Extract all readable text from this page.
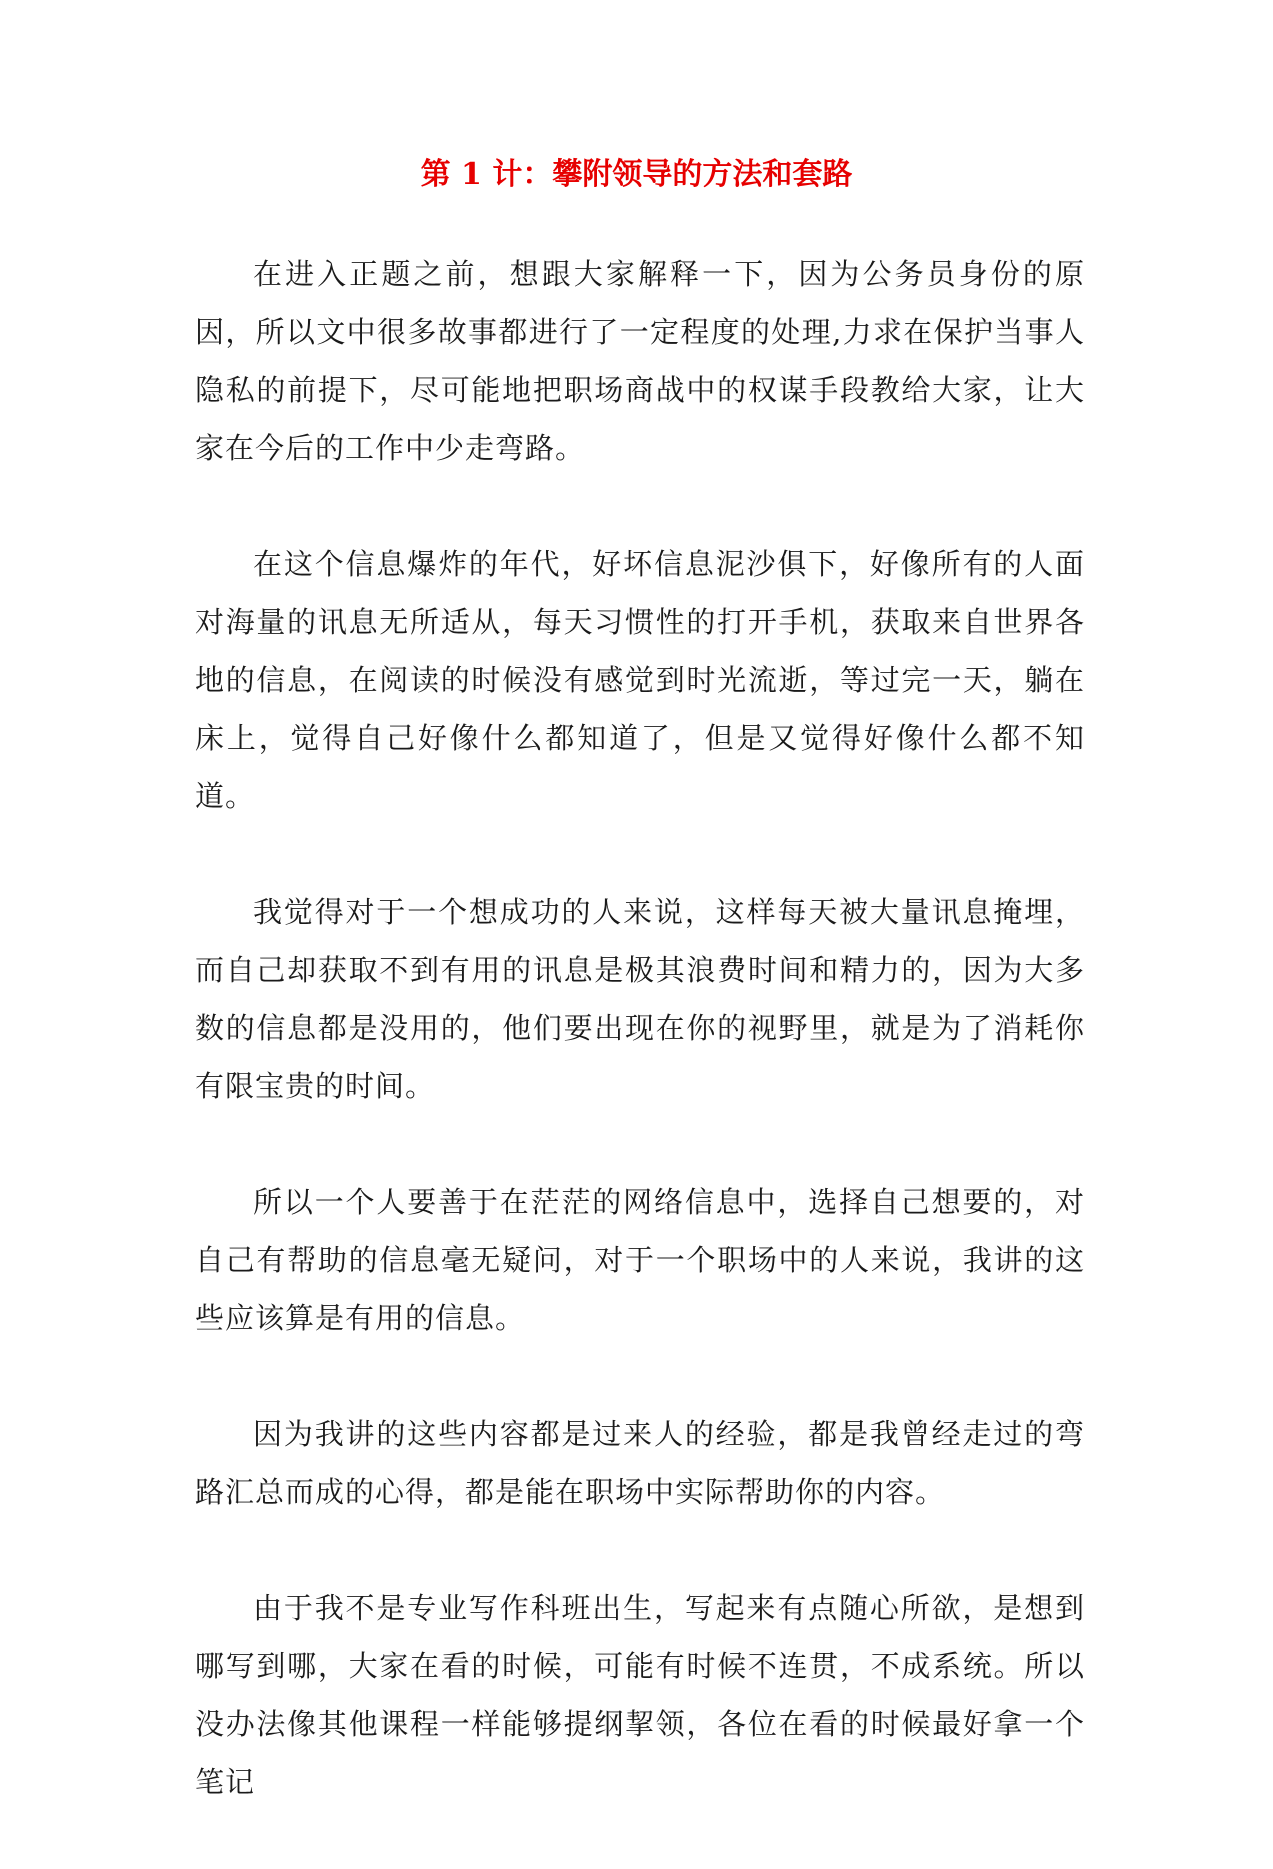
第 1 计：攀附领导的方法和套路

在进入正题之前，想跟大家解释一下，因为公务员身份的原因，所以文中很多故事都进行了一定程度的处理,力求在保护当事人隐私的前提下，尽可能地把职场商战中的权谋手段教给大家，让大家在今后的工作中少走弯路。

在这个信息爆炸的年代，好坏信息泥沙俱下，好像所有的人面对海量的讯息无所适从，每天习惯性的打开手机，获取来自世界各地的信息，在阅读的时候没有感觉到时光流逝，等过完一天，躺在床上，觉得自己好像什么都知道了，但是又觉得好像什么都不知道。

我觉得对于一个想成功的人来说，这样每天被大量讯息掩埋，而自己却获取不到有用的讯息是极其浪费时间和精力的，因为大多数的信息都是没用的，他们要出现在你的视野里，就是为了消耗你有限宝贵的时间。

所以一个人要善于在茫茫的网络信息中，选择自己想要的，对自己有帮助的信息毫无疑问，对于一个职场中的人来说，我讲的这些应该算是有用的信息。

因为我讲的这些内容都是过来人的经验，都是我曾经走过的弯路汇总而成的心得，都是能在职场中实际帮助你的内容。

由于我不是专业写作科班出生，写起来有点随心所欲，是想到哪写到哪，大家在看的时候，可能有时候不连贯，不成系统。所以没办法像其他课程一样能够提纲挈领，各位在看的时候最好拿一个笔记
